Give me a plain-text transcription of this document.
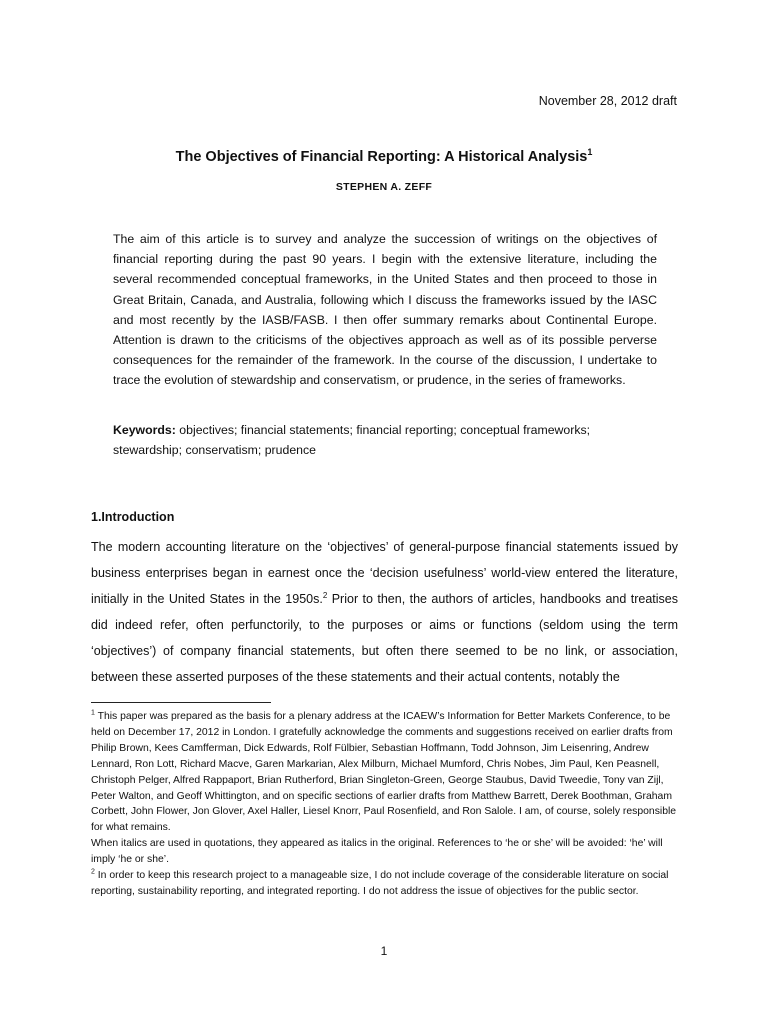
November 28, 2012 draft
The Objectives of Financial Reporting: A Historical Analysis$^1$
STEPHEN A. ZEFF

The aim of this article is to survey and analyze the succession of writings on the objectives of financial reporting during the past 90 years. I begin with the extensive literature, including the several recommended conceptual frameworks, in the United States and then proceed to those in Great Britain, Canada, and Australia, following which I discuss the frameworks issued by the IASC and most recently by the IASB/FASB. I then offer summary remarks about Continental Europe. Attention is drawn to the criticisms of the objectives approach as well as of its possible perverse consequences for the remainder of the framework. In the course of the discussion, I undertake to trace the evolution of stewardship and conservatism, or prudence, in the series of frameworks.

Keywords: objectives; financial statements; financial reporting; conceptual frameworks; stewardship; conservatism; prudence

1.Introduction

The modern accounting literature on the ‘objectives’ of general-purpose financial statements issued by business enterprises began in earnest once the ‘decision usefulness’ world-view entered the literature, initially in the United States in the 1950s.$^2$ Prior to then, the authors of articles, handbooks and treatises did indeed refer, often perfunctorily, to the purposes or aims or functions (seldom using the term ‘objectives’) of company financial statements, but often there seemed to be no link, or association, between these asserted purposes of the these statements and their actual contents, notably the

$^1$ This paper was prepared as the basis for a plenary address at the ICAEW’s Information for Better Markets Conference, to be held on December 17, 2012 in London. I gratefully acknowledge the comments and suggestions received on earlier drafts from Philip Brown, Kees Camfferman, Dick Edwards, Rolf Fülbier, Sebastian Hoffmann, Todd Johnson, Jim Leisenring, Andrew Lennard, Ron Lott, Richard Macve, Garen Markarian, Alex Milburn, Michael Mumford, Chris Nobes, Jim Paul, Ken Peasnell, Christoph Pelger, Alfred Rappaport, Brian Rutherford, Brian Singleton-Green, George Staubus, David Tweedie, Tony van Zijl, Peter Walton, and Geoff Whittington, and on specific sections of earlier drafts from Matthew Barrett, Derek Boothman, Graham Corbett, John Flower, Jon Glover, Axel Haller, Liesel Knorr, Paul Rosenfield, and Ron Salole. I am, of course, solely responsible for what remains.

When italics are used in quotations, they appeared as italics in the original. References to ‘he or she’ will be avoided: ‘he’ will imply ‘he or she’.

$^2$ In order to keep this research project to a manageable size, I do not include coverage of the considerable literature on social reporting, sustainability reporting, and integrated reporting. I do not address the issue of objectives for the public sector.

1
